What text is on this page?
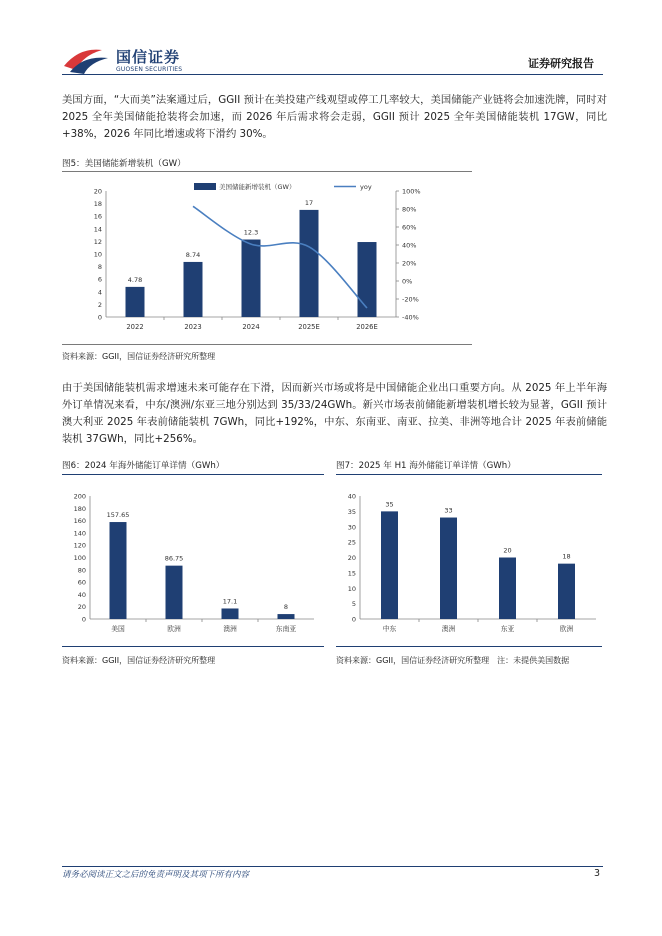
国信证券
GUOSEN SECURITIES	证券研究报告
美国方面，“大而美”法案通过后，GGII 预计在美投建产线观望或停工几率较大，美国储能产业链将会加速洗牌，同时对 2025 全年美国储能抢装将会加速，而 2026 年后需求将会走弱，GGII 预计 2025 全年美国储能装机 17GW，同比+38%，2026 年同比增速或将下滑约 30%。
图5：美国储能新增装机（GW）
美国储能新增装机（GW）	yoy
20
18
16
14
12
10
8
6
4
2
0
4.78
2022
8.74
2023
12.3
2024
17
2025E	2026E
100%
80%
60%
40%
20%
0%
-20%
-40%
资料来源：GGII，国信证券经济研究所整理
由于美国储能装机需求增速未来可能存在下滑，因而新兴市场或将是中国储能企业出口重要方向。从 2025 年上半年海外订单情况来看，中东/澳洲/东亚三地分别达到 35/33/24GWh。新兴市场表前储能新增装机增长较为显著，GGII 预计澳大利亚 2025 年表前储能装机 7GWh，同比+192%，中东、东南亚、南亚、拉美、非洲等地合计 2025 年表前储能装机 37GWh，同比+256%。
图6：2024 年海外储能订单详情（GWh）
200
180
160
140
120
100
80
60
40
20
0
157.65
美国
86.75
欧洲
17.1
澳洲
8
东南亚
资料来源：GGII，国信证券经济研究所整理
图7：2025 年 H1 海外储能订单详情（GWh）
40
35
30
25
20
15
10
5
0
35
中东
33
澳洲
20
东亚
18
欧洲
资料来源：GGII，国信证券经济研究所整理　注：未提供美国数据
请务必阅读正文之后的免责声明及其项下所有内容	3
